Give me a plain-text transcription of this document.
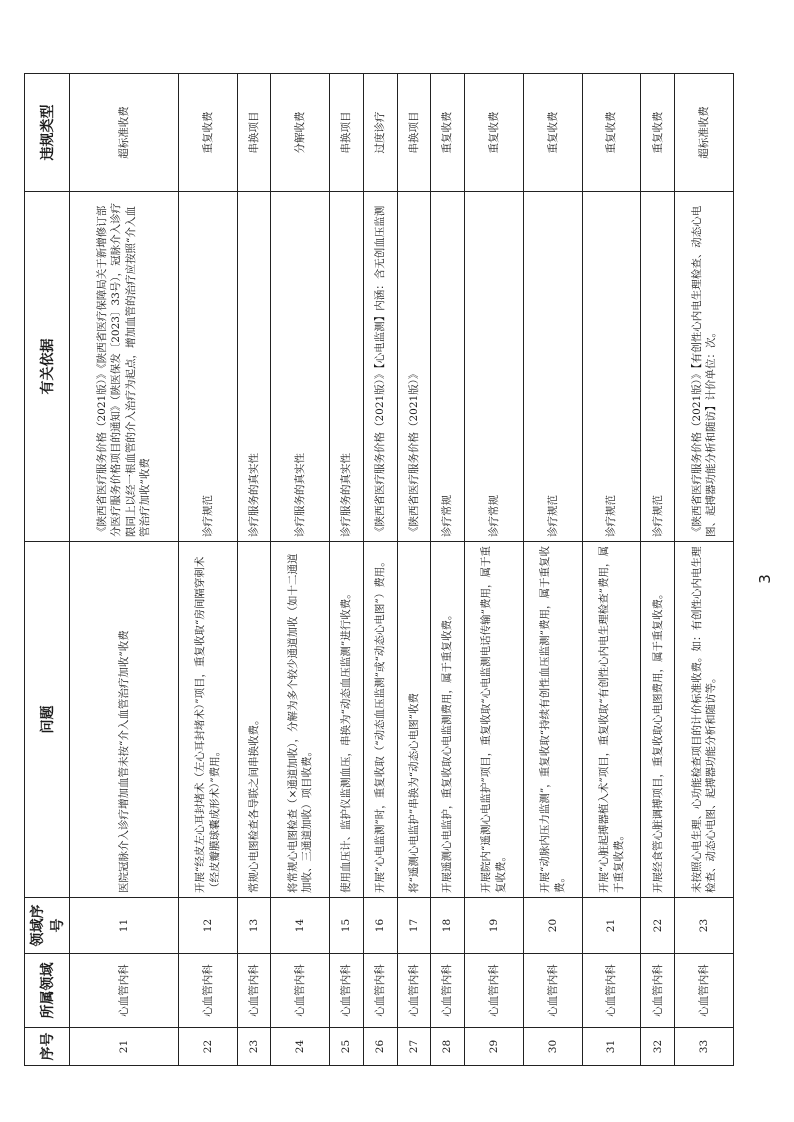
序号	所属领域	领域序号	问题	有关依据	违规类型
21	心血管内科	11	医院冠脉介入诊疗增加血管未按“介入血管治疗加收”收费	《陕西省医疗服务价格（2021版）》《陕西省医疗保障局关于新增修订部分医疗服务价格项目的通知》（陕医保发〔2023〕33号），冠脉介入诊疗限同上以经一根血管的介入治疗为起点，增加血管的治疗应按照“介入血管治疗加收”收费	超标准收费
22	心血管内科	12	开展“经皮左心耳封堵术（左心耳封堵术）”项目，重复收取“房间隔穿刺术（经皮瓣膜球囊成形术）”费用。	诊疗规范	重复收费
23	心血管内科	13	常规心电图检查各导联之间串换收费。	诊疗服务的真实性	串换项目
24	心血管内科	14	将常规心电图检查（×通道加收），分解为多个较少通道加收（如十二通道加收、三通道加收）项目收费。	诊疗服务的真实性	分解收费
25	心血管内科	15	使用血压计、监护仪监测血压，串换为“动态血压监测”进行收费。	诊疗服务的真实性	串换项目
26	心血管内科	16	开展“心电监测”时，重复收取（“动态血压监测”或“动态心电图”）费用。	《陕西省医疗服务价格（2021版）》【心电监测】内涵：含无创血压监测	过度诊疗
27	心血管内科	17	将“遥测心电监护”串换为“动态心电图”收费	《陕西省医疗服务价格（2021版）》	串换项目
28	心血管内科	18	开展遥测心电监护，重复收取心电监测费用，属于重复收费。	诊疗常规	重复收费
29	心血管内科	19	开展院内“遥测心电监护”项目，重复收取“心电监测电话传输”费用，属于重复收费。	诊疗常规	重复收费
30	心血管内科	20	开展“动脉内压力监测”，重复收取“持续有创性血压监测”费用，属于重复收费。	诊疗规范	重复收费
31	心血管内科	21	开展“心脏起搏器植入术”项目，重复收取“有创性心内电生理检查”费用，属于重复收费。	诊疗规范	重复收费
32	心血管内科	22	开展经食管心脏调搏项目，重复收取心电图费用，属于重复收费。	诊疗规范	重复收费
33	心血管内科	23	未按照心电生理、心功能检查项目的计价标准收费。如：有创性心内电生理检查、动态心电图、起搏器功能分析和随访等。	《陕西省医疗服务价格（2021版）》【有创性心内电生理检查、动态心电图、起搏器功能分析和随访】计价单位：次。	超标准收费
3
